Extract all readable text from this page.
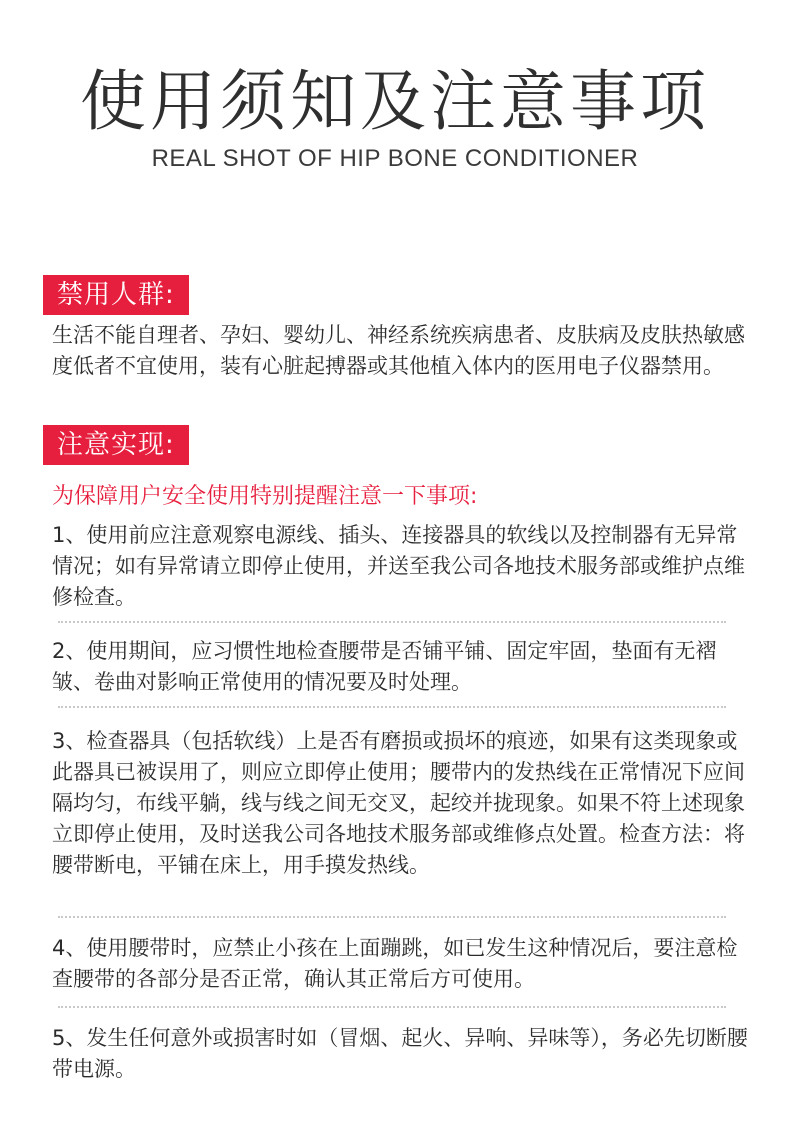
使用须知及注意事项
REAL SHOT OF HIP BONE CONDITIONER
禁用人群:
生活不能自理者、孕妇、婴幼儿、神经系统疾病患者、皮肤病及皮肤热敏感度低者不宜使用，装有心脏起搏器或其他植入体内的医用电子仪器禁用。
注意实现:
为保障用户安全使用特别提醒注意一下事项:
1、使用前应注意观察电源线、插头、连接器具的软线以及控制器有无异常情况；如有异常请立即停止使用，并送至我公司各地技术服务部或维护点维修检查。
2、使用期间，应习惯性地检查腰带是否铺平铺、固定牢固，垫面有无褶皱、卷曲对影响正常使用的情况要及时处理。
3、检查器具（包括软线）上是否有磨损或损坏的痕迹，如果有这类现象或此器具已被误用了，则应立即停止使用；腰带内的发热线在正常情况下应间隔均匀，布线平躺，线与线之间无交叉，起绞并拢现象。如果不符上述现象立即停止使用，及时送我公司各地技术服务部或维修点处置。检查方法：将腰带断电，平铺在床上，用手摸发热线。
4、使用腰带时，应禁止小孩在上面蹦跳，如已发生这种情况后，要注意检查腰带的各部分是否正常，确认其正常后方可使用。
5、发生任何意外或损害时如（冒烟、起火、异响、异味等），务必先切断腰带电源。
